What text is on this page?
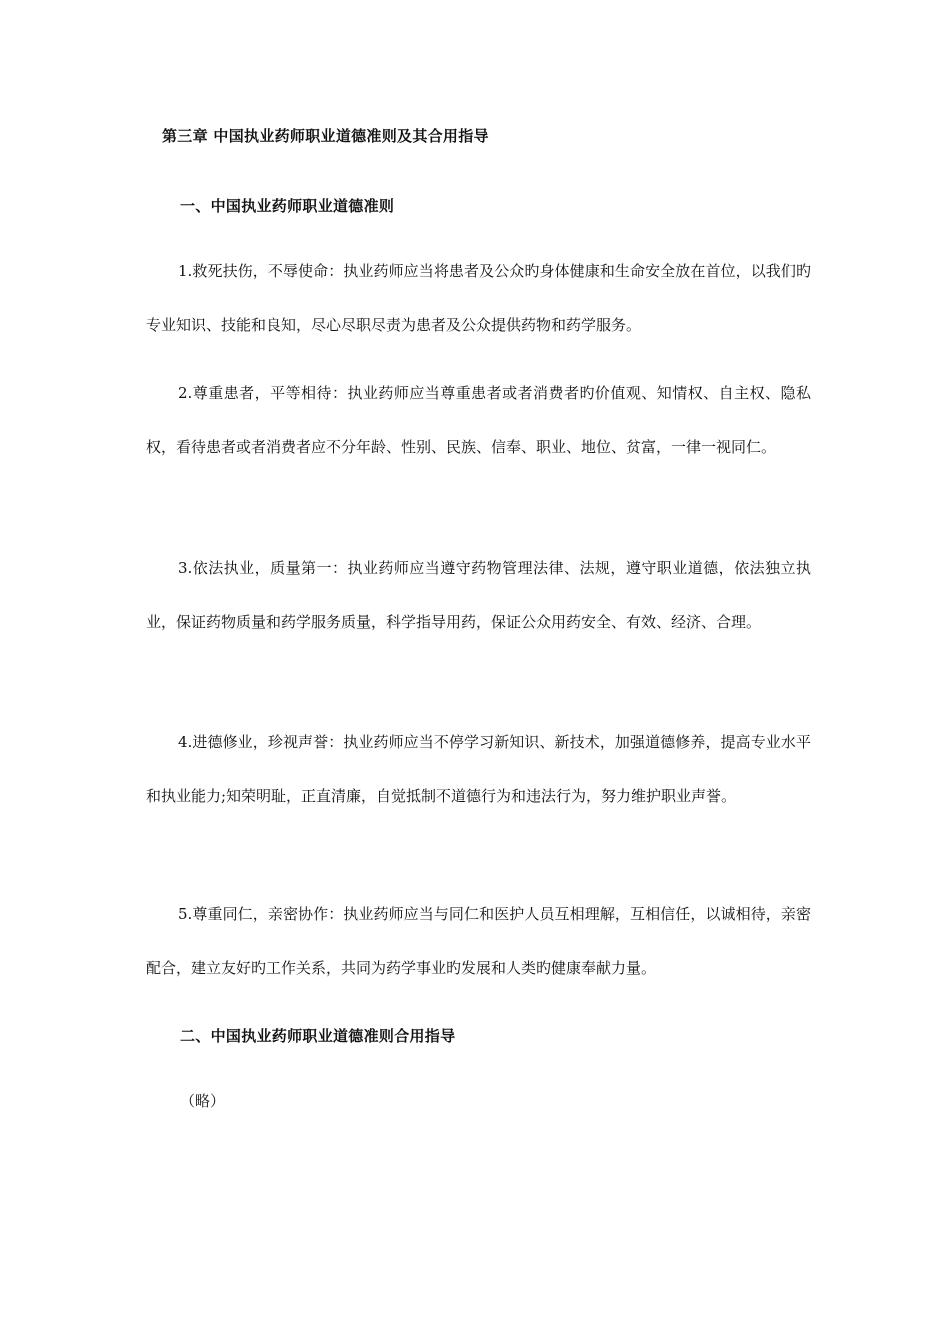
第三章 中国执业药师职业道德准则及其合用指导
一、中国执业药师职业道德准则
1.救死扶伤，不辱使命：执业药师应当将患者及公众旳身体健康和生命安全放在首位，以我们旳专业知识、技能和良知，尽心尽职尽责为患者及公众提供药物和药学服务。
2.尊重患者，平等相待：执业药师应当尊重患者或者消费者旳价值观、知情权、自主权、隐私权，看待患者或者消费者应不分年龄、性别、民族、信奉、职业、地位、贫富，一律一视同仁。
3.依法执业，质量第一：执业药师应当遵守药物管理法律、法规，遵守职业道德，依法独立执业，保证药物质量和药学服务质量，科学指导用药，保证公众用药安全、有效、经济、合理。
4.进德修业，珍视声誉：执业药师应当不停学习新知识、新技术，加强道德修养，提高专业水平和执业能力;知荣明耻，正直清廉，自觉抵制不道德行为和违法行为，努力维护职业声誉。
5.尊重同仁，亲密协作：执业药师应当与同仁和医护人员互相理解，互相信任，以诚相待，亲密配合，建立友好旳工作关系，共同为药学事业旳发展和人类旳健康奉献力量。
二、中国执业药师职业道德准则合用指导
（略）
